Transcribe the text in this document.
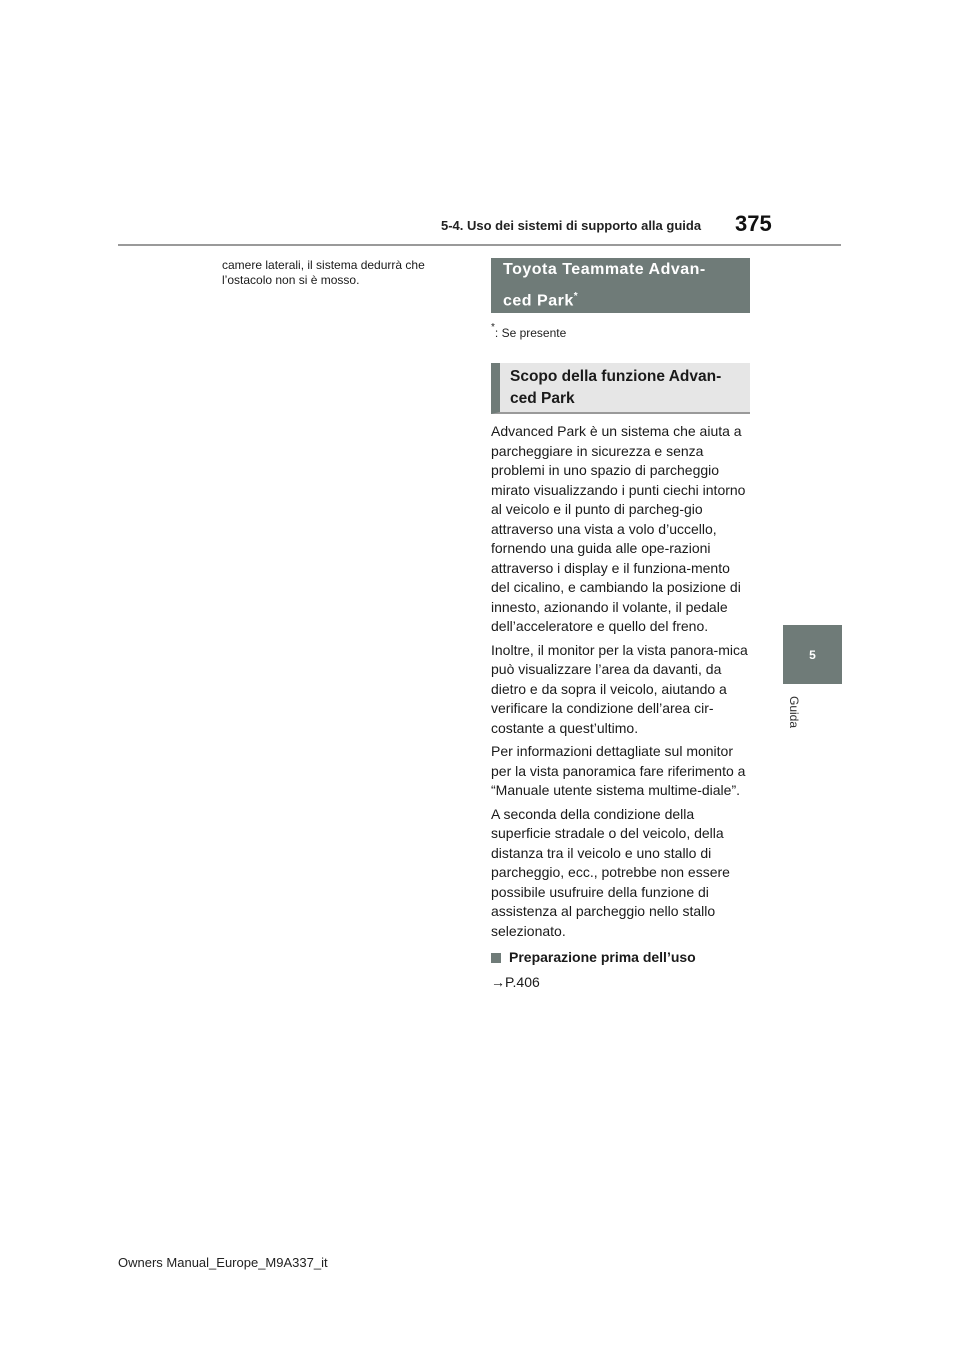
5-4. Uso dei sistemi di supporto alla guida 375
5
Guida

camere laterali, il sistema dedurrà che l’ostacolo non si è mosso.

Toyota Teammate Advan-
ced Park*
* : Se presente
Scopo della funzione Advan-
ced Park

Advanced Park è un sistema che aiuta a parcheggiare in sicurezza e senza problemi in uno spazio di parcheggio mirato visualizzando i punti ciechi intorno al veicolo e il punto di parcheg-gio attraverso una vista a volo d’uccello, fornendo una guida alle ope-razioni attraverso i display e il funziona-mento del cicalino, e cambiando la posizione di innesto, azionando il volante, il pedale dell’acceleratore e quello del freno.

Inoltre, il monitor per la vista panora-mica può visualizzare l’area da davanti, da dietro e da sopra il veicolo, aiutando a verificare la condizione dell’area cir-costante a quest’ultimo.

Per informazioni dettagliate sul monitor per la vista panoramica fare riferimento a “Manuale utente sistema multime-diale”.

A seconda della condizione della superficie stradale o del veicolo, della distanza tra il veicolo e uno stallo di parcheggio, ecc., potrebbe non essere possibile usufruire della funzione di assistenza al parcheggio nello stallo selezionato.

Preparazione prima dell’uso
→P.406
Owners Manual_Europe_M9A337_it
